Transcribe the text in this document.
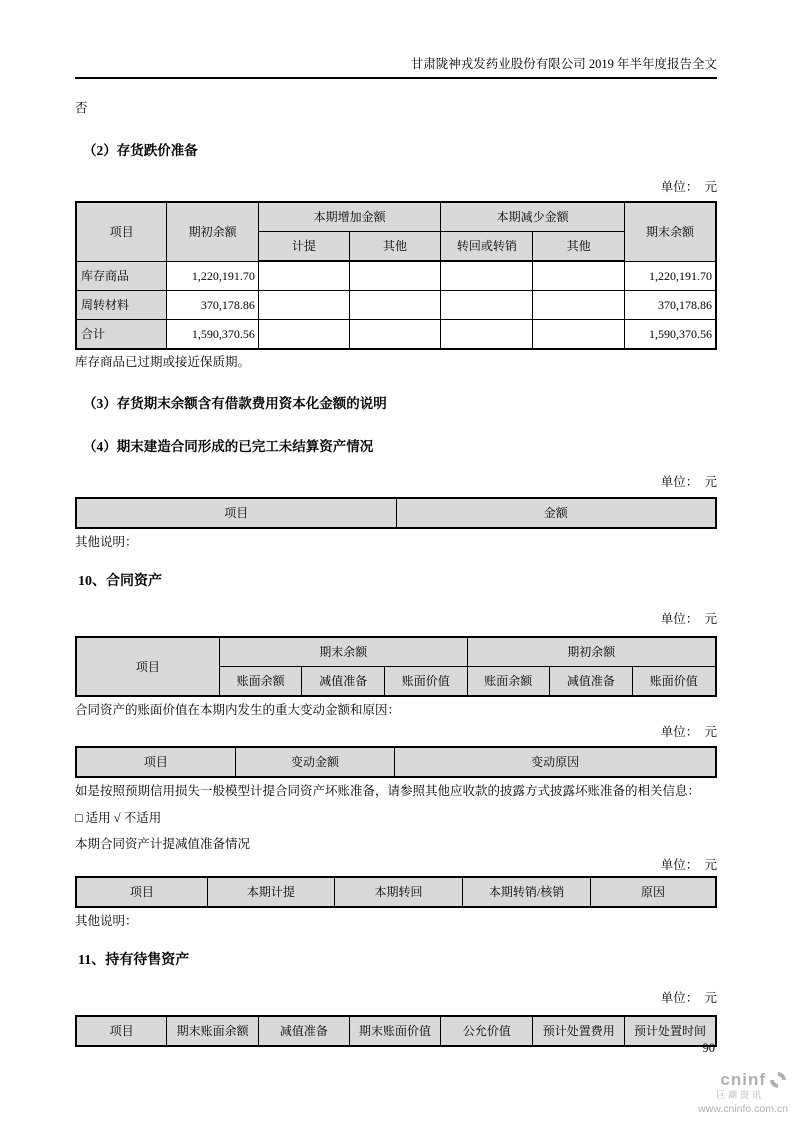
甘肃陇神戎发药业股份有限公司 2019 年半年度报告全文

否

（2）存货跌价准备

单位：　元

项目	期初余额	本期增加金额		本期减少金额		期末余额
		计提	其他	转回或转销	其他	
库存商品	1,220,191.70					1,220,191.70
周转材料	370,178.86					370,178.86
合计	1,590,370.56					1,590,370.56

库存商品已过期或接近保质期。

（3）存货期末余额含有借款费用资本化金额的说明
（4）期末建造合同形成的已完工未结算资产情况

单位：　元

项目	金额

其他说明：

10、合同资产

单位：　元

项目	期末余额			期初余额		
	账面余额	减值准备	账面价值	账面余额	减值准备	账面价值

合同资产的账面价值在本期内发生的重大变动金额和原因：

单位：　元

项目	变动金额	变动原因

如是按照预期信用损失一般模型计提合同资产坏账准备，请参照其他应收款的披露方式披露坏账准备的相关信息：

□ 适用 √ 不适用

本期合同资产计提减值准备情况

单位：　元

项目	本期计提	本期转回	本期转销/核销	原因

其他说明：

11、持有待售资产

单位：　元

项目	期末账面余额	减值准备	期末账面价值	公允价值	预计处置费用	预计处置时间
90
cninf
巨潮资讯
www.cninfo.com.cn
